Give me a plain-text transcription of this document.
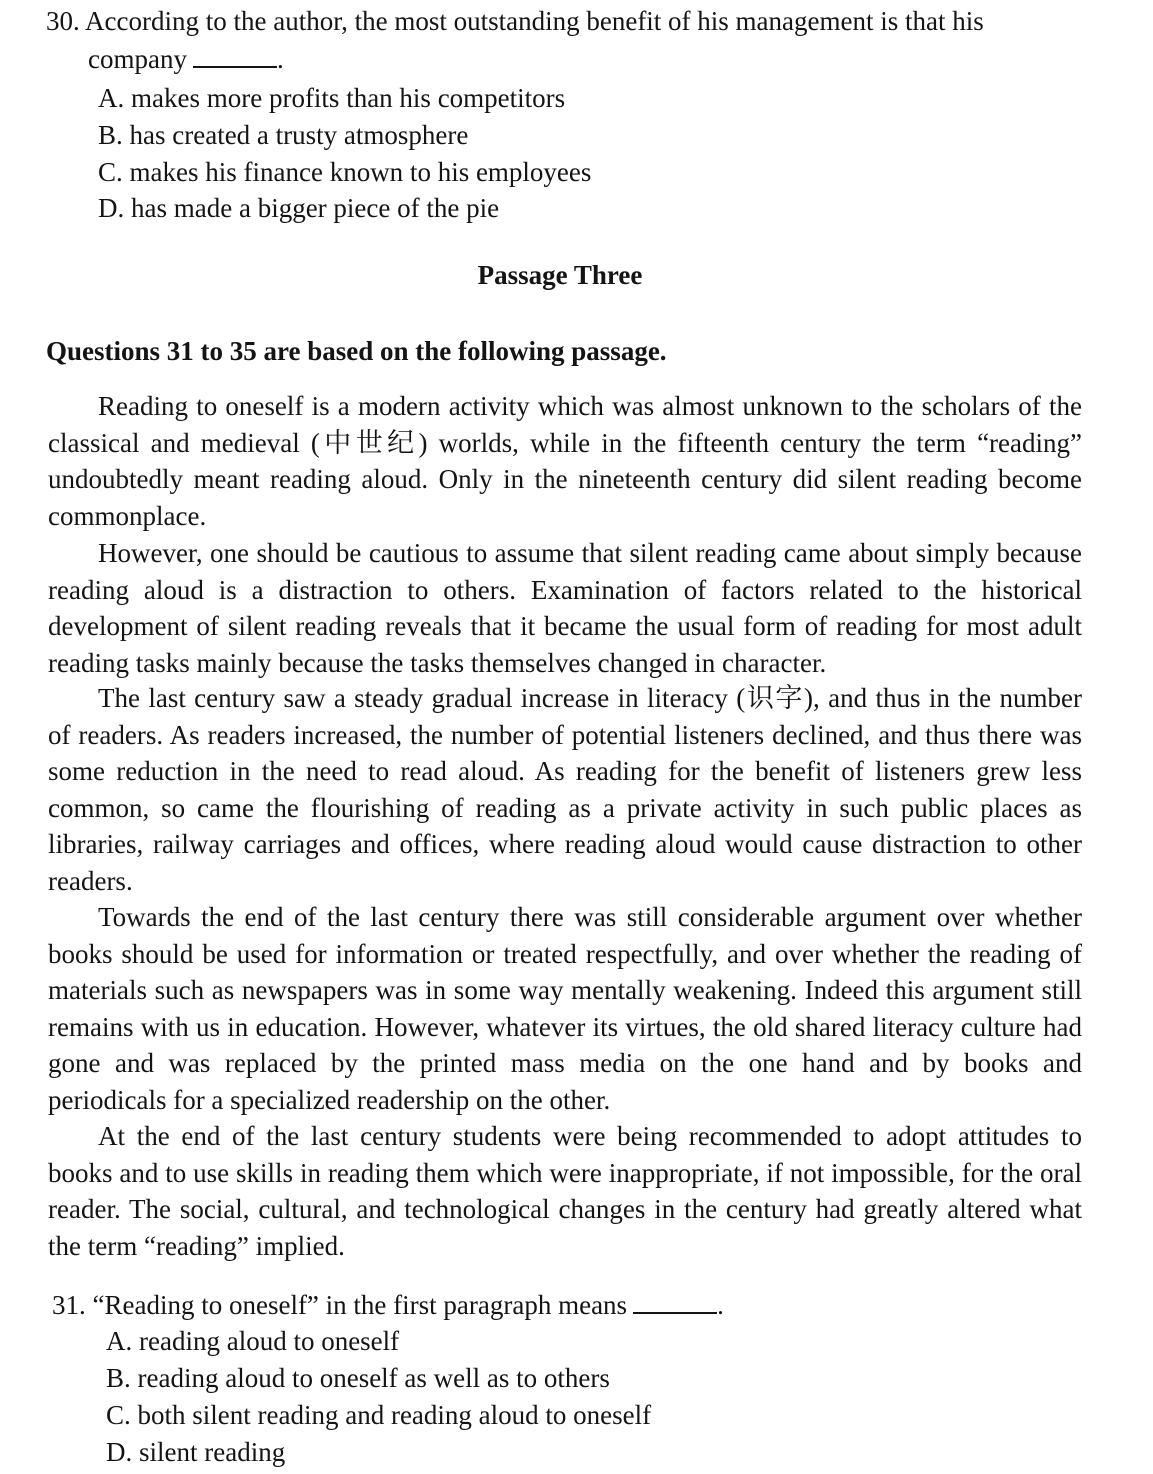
30. According to the author, the most outstanding benefit of his management is that his
company	.
A. makes more profits than his competitors
B. has created a trusty atmosphere
C. makes his finance known to his employees
D. has made a bigger piece of the pie
Passage Three
Questions 31 to 35 are based on the following passage.

Reading to oneself is a modern activity which was almost unknown to the scholars of the classical and medieval (中世纪) worlds, while in the fifteenth century the term “reading” undoubtedly meant reading aloud. Only in the nineteenth century did silent reading become commonplace.

However, one should be cautious to assume that silent reading came about simply because reading aloud is a distraction to others. Examination of factors related to the historical development of silent reading reveals that it became the usual form of reading for most adult reading tasks mainly because the tasks themselves changed in character.

The last century saw a steady gradual increase in literacy (识字), and thus in the number of readers. As readers increased, the number of potential listeners declined, and thus there was some reduction in the need to read aloud. As reading for the benefit of listeners grew less common, so came the flourishing of reading as a private activity in such public places as libraries, railway carriages and offices, where reading aloud would cause distraction to other readers.

Towards the end of the last century there was still considerable argument over whether books should be used for information or treated respectfully, and over whether the reading of materials such as newspapers was in some way mentally weakening. Indeed this argument still remains with us in education. However, whatever its virtues, the old shared literacy culture had gone and was replaced by the printed mass media on the one hand and by books and periodicals for a specialized readership on the other.

At the end of the last century students were being recommended to adopt attitudes to books and to use skills in reading them which were inappropriate, if not impossible, for the oral reader. The social, cultural, and technological changes in the century had greatly altered what the term “reading” implied.

31. “Reading to oneself” in the first paragraph means	.
A. reading aloud to oneself
B. reading aloud to oneself as well as to others
C. both silent reading and reading aloud to oneself
D. silent reading
